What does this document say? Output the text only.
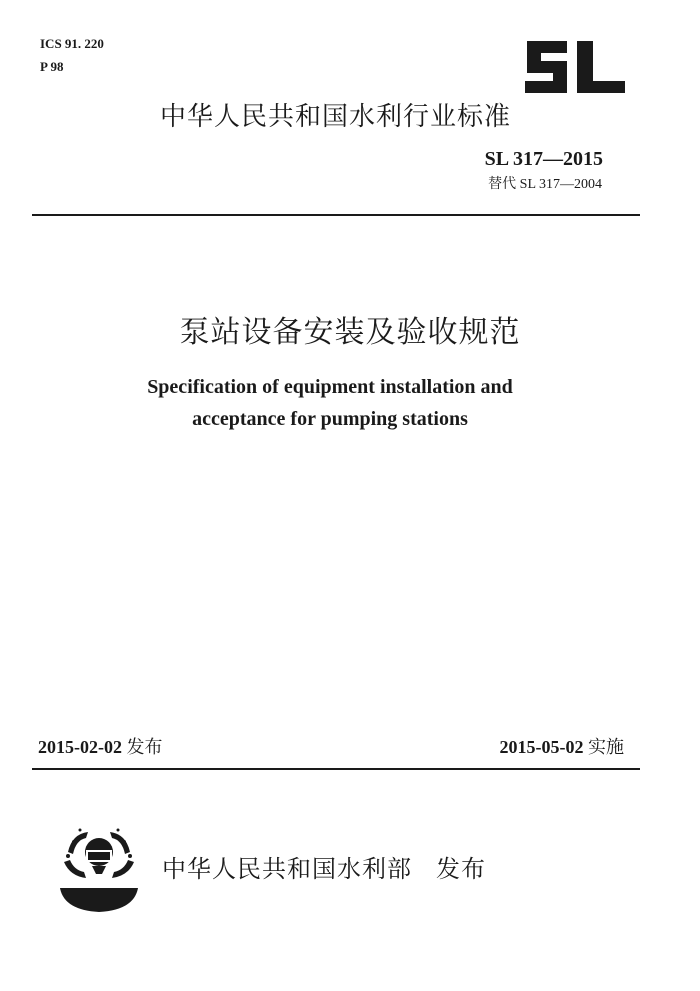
ICS 91. 220
P 98
中华人民共和国水利行业标准
SL 317—2015
替代 SL 317—2004
泵站设备安装及验收规范
Specification of equipment installation and
acceptance for pumping stations
2015-02-02 发布	2015-05-02 实施
中华人民共和国水利部 发布
